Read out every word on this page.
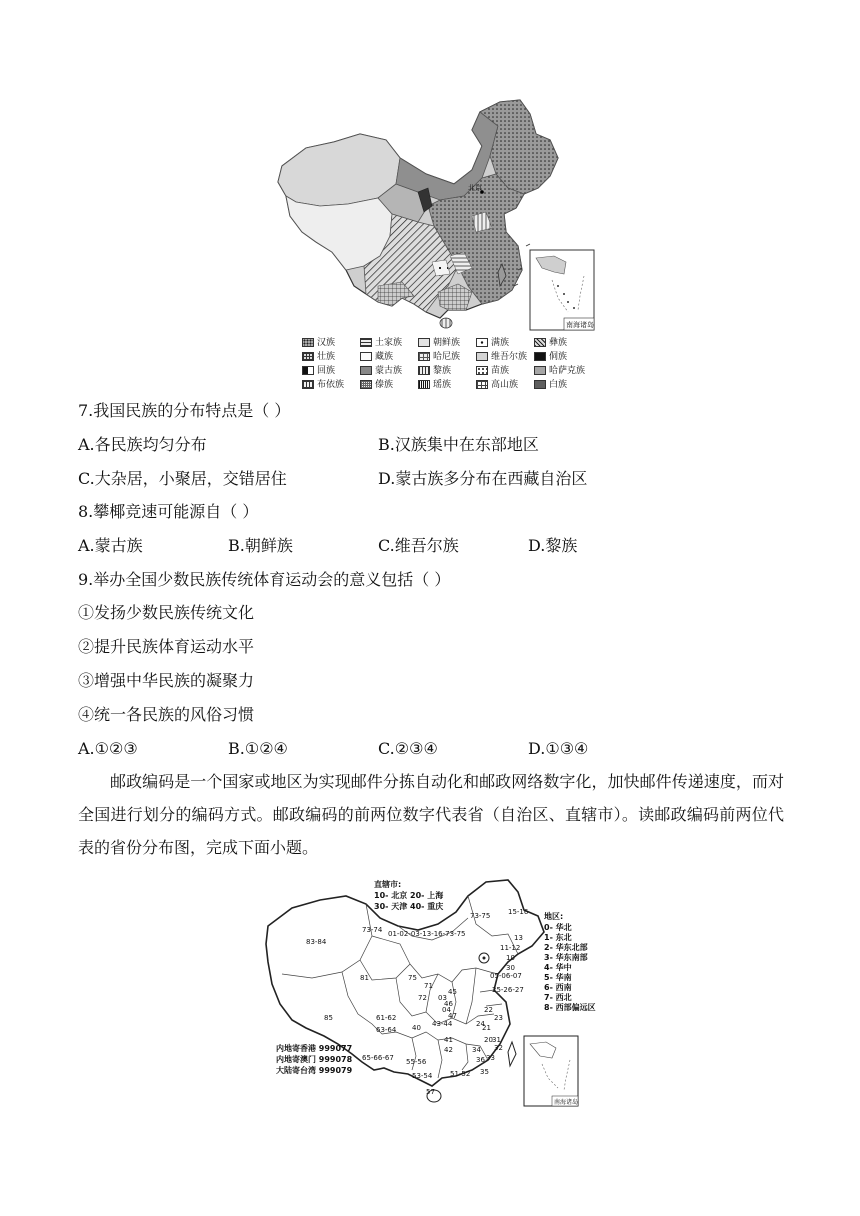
北京
南海诸岛
汉族	土家族	朝鲜族	满族	彝族
壮族	藏族	哈尼族	维吾尔族	侗族
回族	蒙古族	黎族	苗族	哈萨克族
布依族	傣族	瑶族	高山族	白族
7.我国民族的分布特点是（ ）
A.各民族均匀分布	B.汉族集中在东部地区
C.大杂居，小聚居，交错居住	D.蒙古族多分布在西藏自治区
8.攀椰竞速可能源自（ ）
A.蒙古族	B.朝鲜族	C.维吾尔族	D.黎族
9.举办全国少数民族传统体育运动会的意义包括（ ）
①发扬少数民族传统文化
②提升民族体育运动水平
③增强中华民族的凝聚力
④统一各民族的风俗习惯
A.①②③	B.①②④	C.②③④	D.①③④
邮政编码是一个国家或地区为实现邮件分拣自动化和邮政网络数字化，加快邮件传递速度，而对全国进行划分的编码方式。邮政编码的前两位数字代表省（自治区、直辖市）。读邮政编码前两位代表的省份分布图，完成下面小题。
南海诸岛
直辖市:
10- 北京 20- 上海
30- 天津 40- 重庆
地区:
0- 华北
1- 东北
2- 华东北部
3- 华东南部
4- 华中
5- 华南
6- 西南
7- 西北
8- 西部偏远区
内地寄香港 999077
内地寄澳门 999078
大陆寄台湾 999079
15-16
13
11-12
10
30
05-06-07
73-75
01-02-03-13-16-73-75
73-74
83-84
81
85
75
71
72 03
04
45
46
47
43-44
40
25-26-27
22
23
24
21
20 31
32
33
34
35
36
41
42
61-62
63-64
65-66-67 55-56
53-54	51-52
57
